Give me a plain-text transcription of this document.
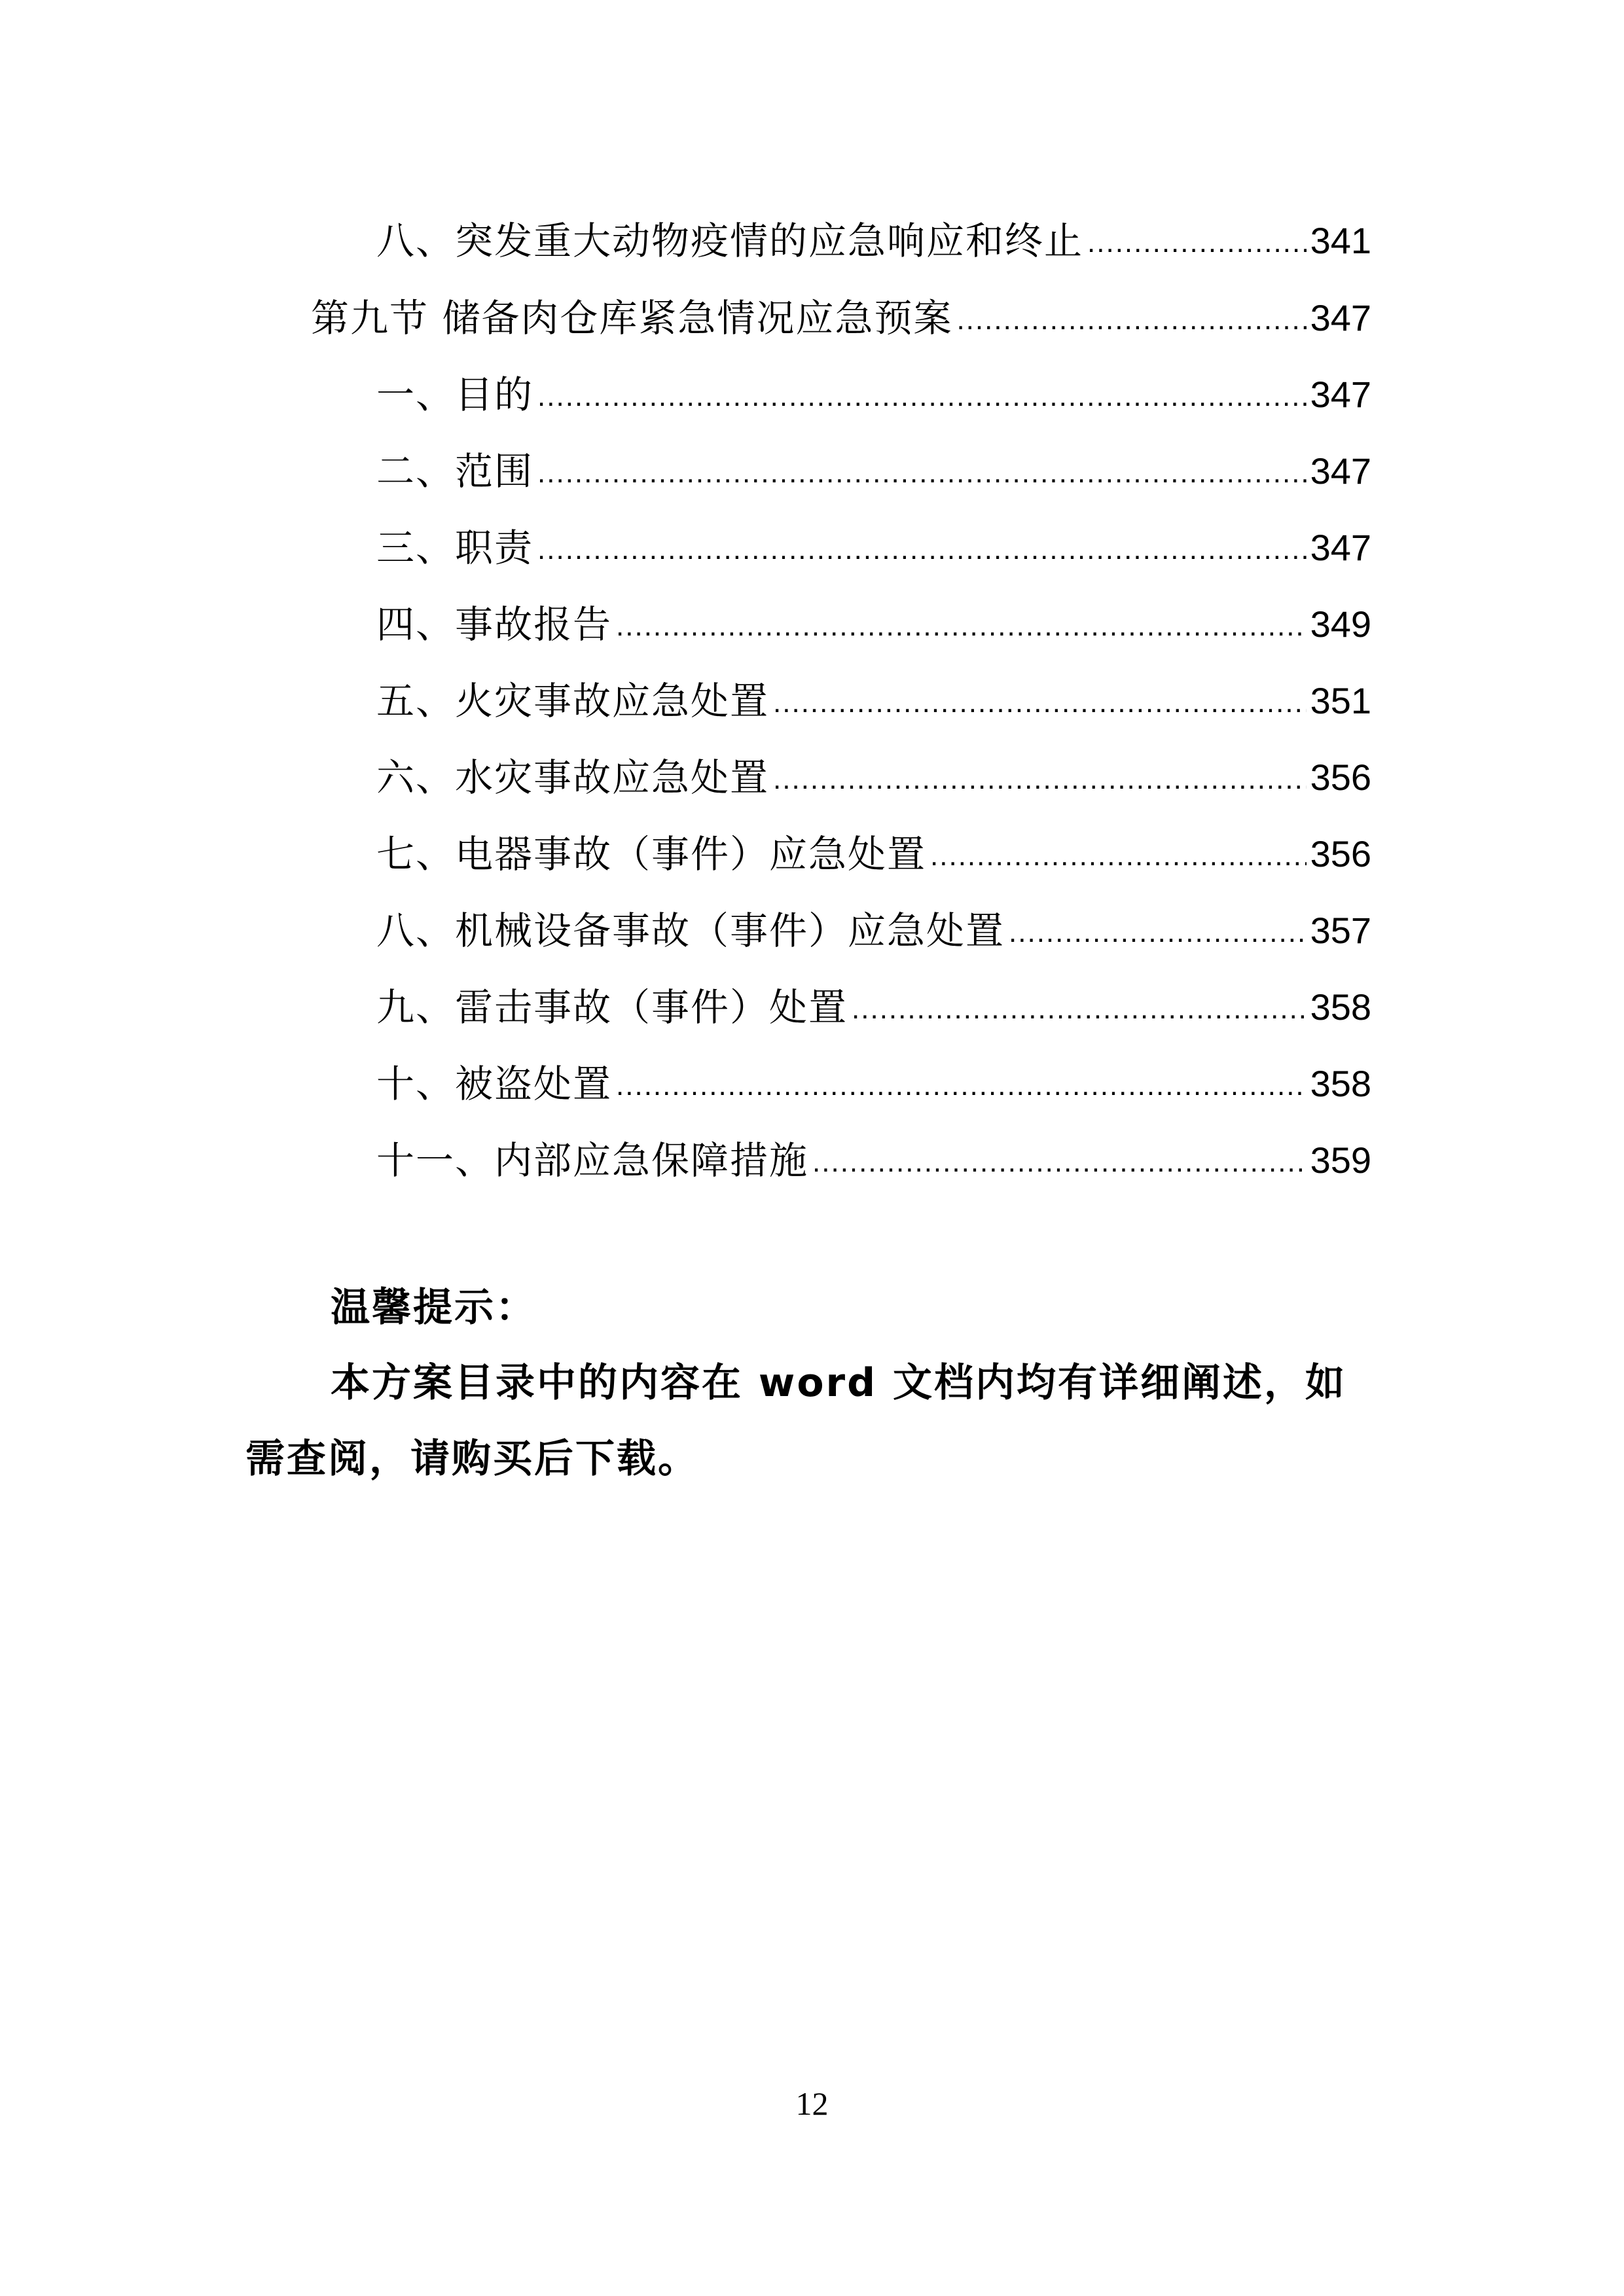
八、突发重大动物疫情的应急响应和终止 .....	341
第九节 储备肉仓库紧急情况应急预案 .....	347
一、目的 .....	347
二、范围 .....	347
三、职责 .....	347
四、事故报告 .....	349
五、火灾事故应急处置 .....	351
六、水灾事故应急处置 .....	356
七、电器事故（事件）应急处置 .....	356
八、机械设备事故（事件）应急处置 .....	357
九、雷击事故（事件）处置 .....	358
十、被盗处置 .....	358
十一、内部应急保障措施 .....	359
温馨提示：
本方案目录中的内容在 word 文档内均有详细阐述，如需查阅，请购买后下载。
12
